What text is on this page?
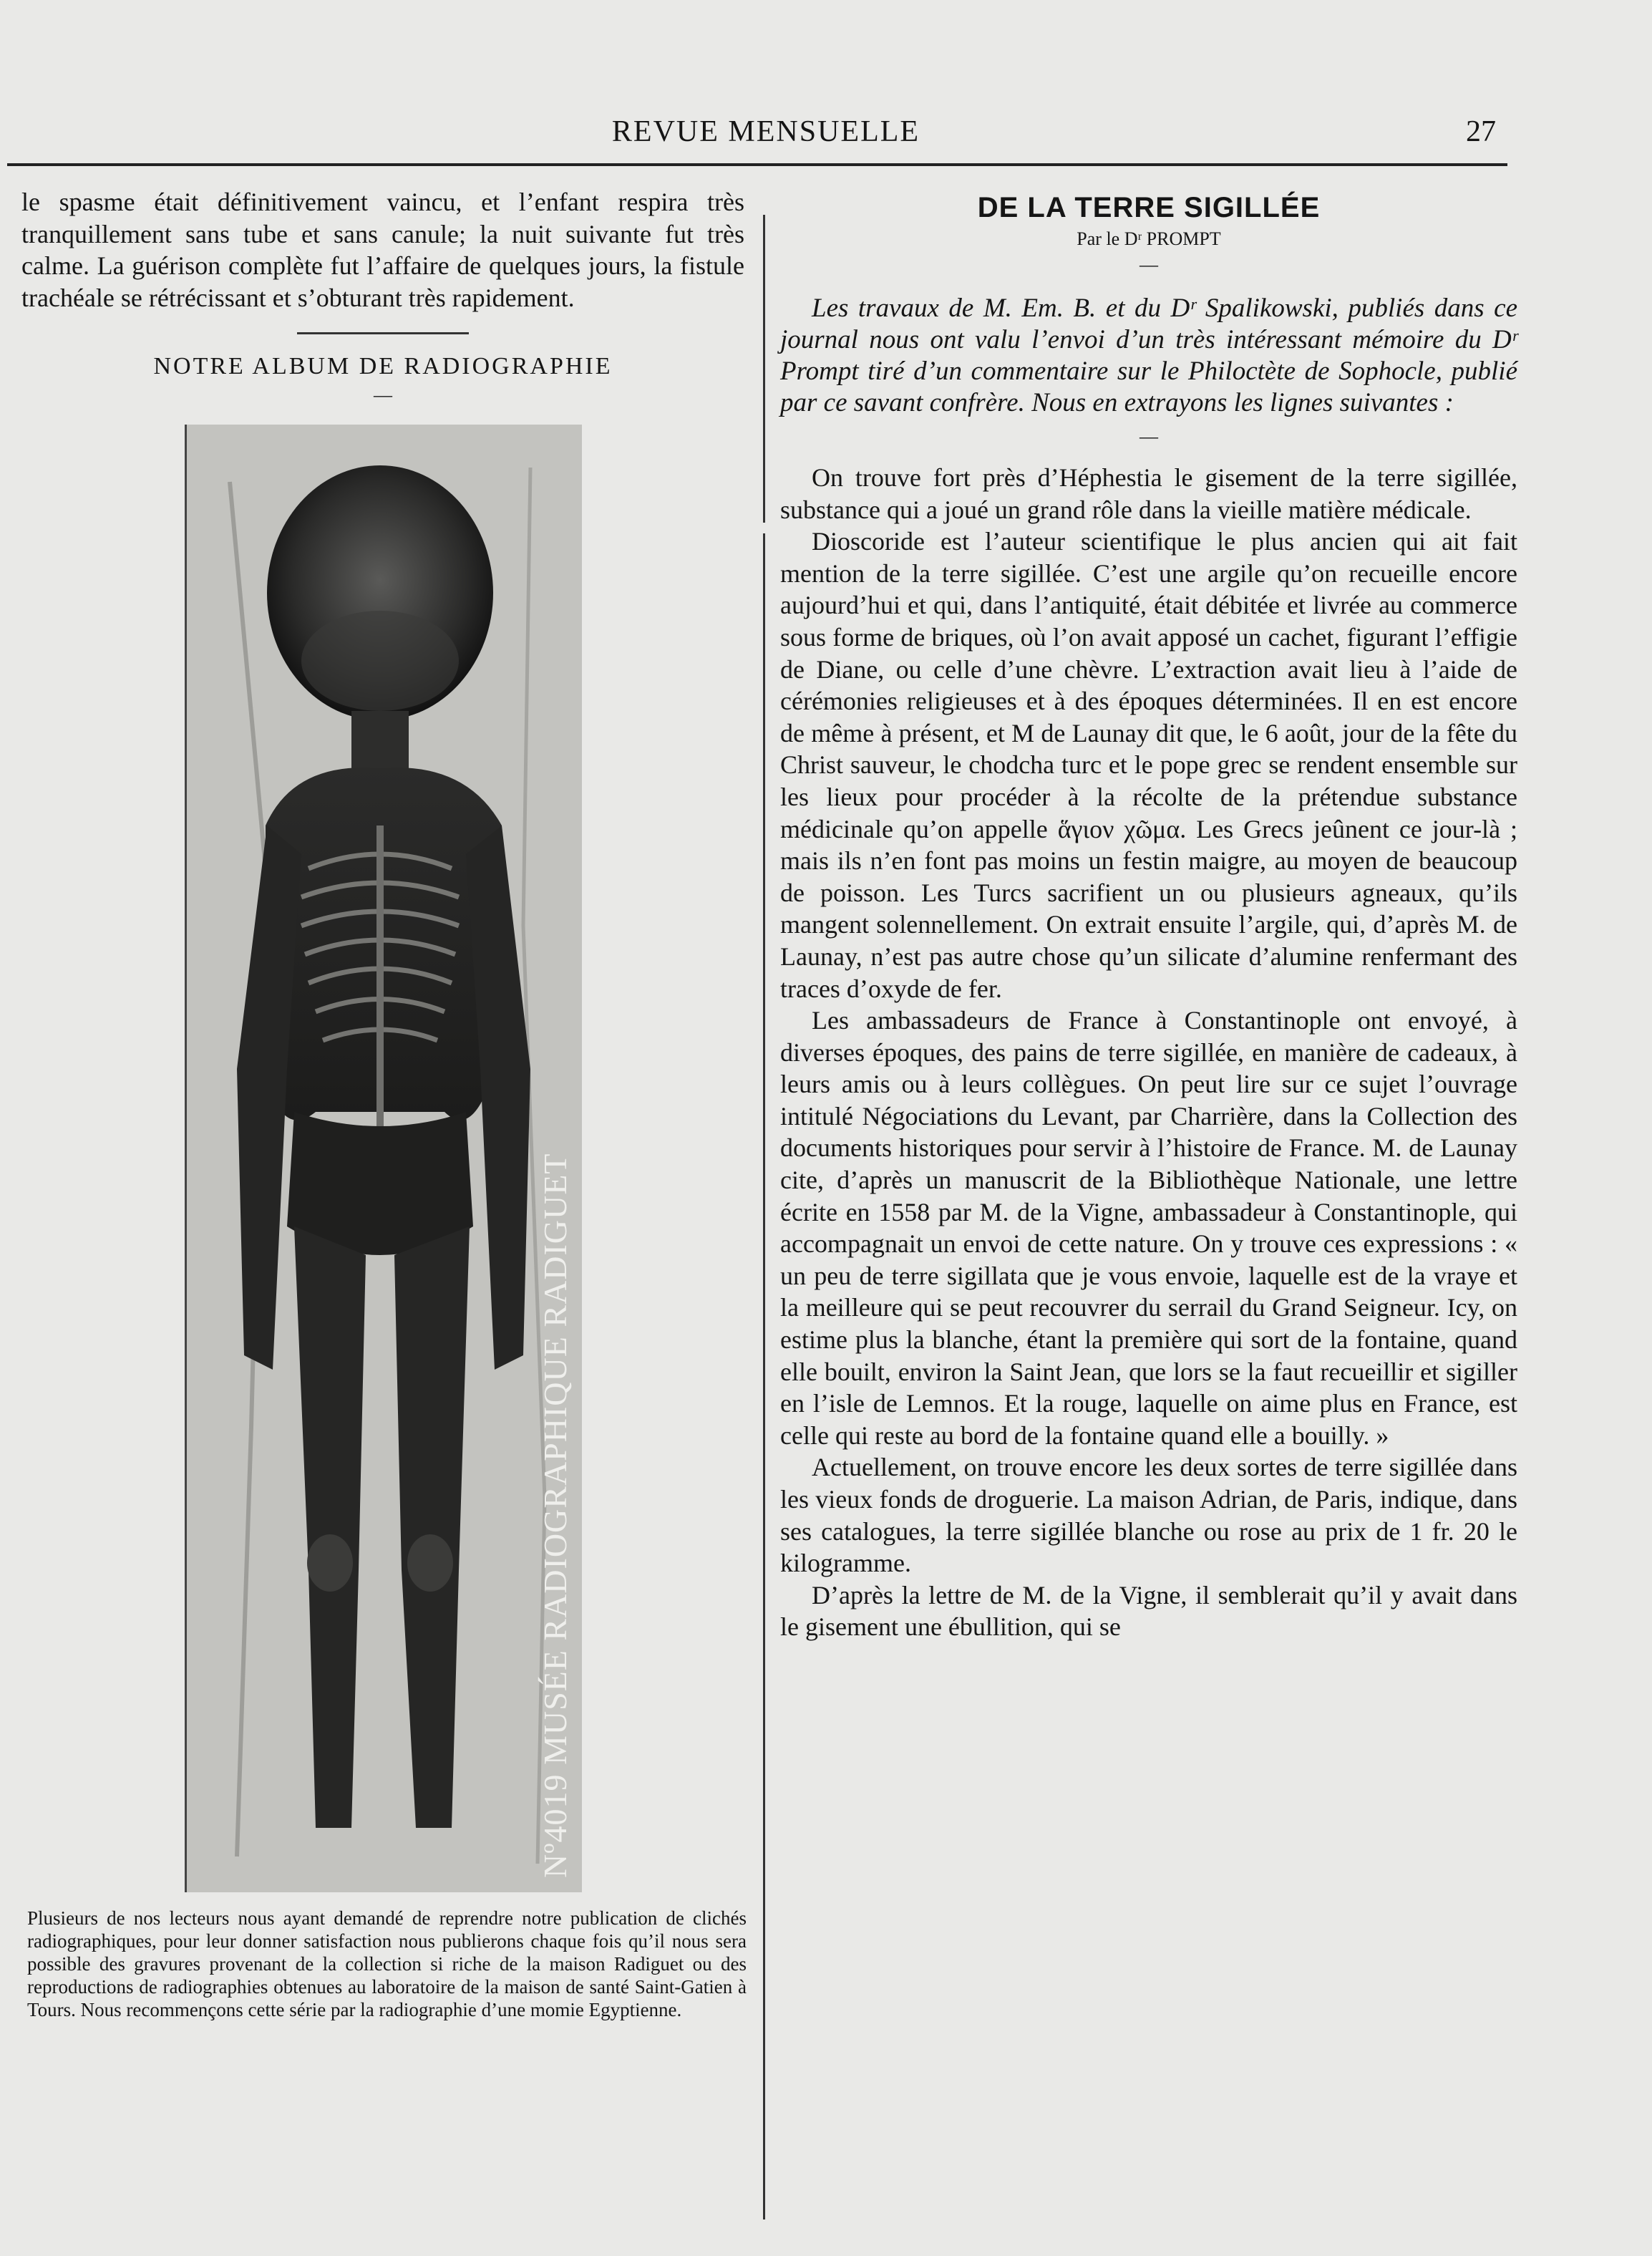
REVUE MENSUELLE	27

le spasme était définitivement vaincu, et l’enfant respira très tranquillement sans tube et sans canule; la nuit suivante fut très calme. La guérison complète fut l’affaire de quelques jours, la fistule trachéale se rétrécissant et s’obturant très rapidement.

NOTRE ALBUM DE RADIOGRAPHIE

—
Nº4019 MUSÉE RADIOGRAPHIQUE RADIGUET

Plusieurs de nos lecteurs nous ayant demandé de reprendre notre publication de clichés radiographiques, pour leur donner satisfaction nous publierons chaque fois qu’il nous sera possible des gravures provenant de la collection si riche de la maison Radiguet ou des reproductions de radiographies obtenues au laboratoire de la maison de santé Saint-Gatien à Tours. Nous recommençons cette série par la radiographie d’une momie Egyptienne.

DE LA TERRE SIGILLÉE

Par le Dʳ PROMPT

—

Les travaux de M. Em. B. et du Dʳ Spalikowski, publiés dans ce journal nous ont valu l’envoi d’un très intéressant mémoire du Dʳ Prompt tiré d’un commentaire sur le Philoctète de Sophocle, publié par ce savant confrère. Nous en extrayons les lignes suivantes :

—

On trouve fort près d’Héphestia le gisement de la terre sigillée, substance qui a joué un grand rôle dans la vieille matière médicale.

Dioscoride est l’auteur scientifique le plus ancien qui ait fait mention de la terre sigillée. C’est une argile qu’on recueille encore aujourd’hui et qui, dans l’antiquité, était débitée et livrée au commerce sous forme de briques, où l’on avait apposé un cachet, figurant l’effigie de Diane, ou celle d’une chèvre. L’extraction avait lieu à l’aide de cérémonies religieuses et à des époques déterminées. Il en est encore de même à présent, et M de Launay dit que, le 6 août, jour de la fête du Christ sauveur, le chodcha turc et le pope grec se rendent ensemble sur les lieux pour procéder à la récolte de la prétendue substance médicinale qu’on appelle ἅγιον χῶμα. Les Grecs jeûnent ce jour-là ; mais ils n’en font pas moins un festin maigre, au moyen de beaucoup de poisson. Les Turcs sacrifient un ou plusieurs agneaux, qu’ils mangent solennellement. On extrait ensuite l’argile, qui, d’après M. de Launay, n’est pas autre chose qu’un silicate d’alumine renfermant des traces d’oxyde de fer.

Les ambassadeurs de France à Constantinople ont envoyé, à diverses époques, des pains de terre sigillée, en manière de cadeaux, à leurs amis ou à leurs collègues. On peut lire sur ce sujet l’ouvrage intitulé Négociations du Levant, par Charrière, dans la Collection des documents historiques pour servir à l’histoire de France. M. de Launay cite, d’après un manuscrit de la Bibliothèque Nationale, une lettre écrite en 1558 par M. de la Vigne, ambassadeur à Constantinople, qui accompagnait un envoi de cette nature. On y trouve ces expressions : « un peu de terre sigillata que je vous envoie, laquelle est de la vraye et la meilleure qui se peut recouvrer du serrail du Grand Seigneur. Icy, on estime plus la blanche, étant la première qui sort de la fontaine, quand elle bouilt, environ la Saint Jean, que lors se la faut recueillir et sigiller en l’isle de Lemnos. Et la rouge, laquelle on aime plus en France, est celle qui reste au bord de la fontaine quand elle a bouilly. »

Actuellement, on trouve encore les deux sortes de terre sigillée dans les vieux fonds de droguerie. La maison Adrian, de Paris, indique, dans ses catalogues, la terre sigillée blanche ou rose au prix de 1 fr. 20 le kilogramme.

D’après la lettre de M. de la Vigne, il semblerait qu’il y avait dans le gisement une ébullition, qui se
